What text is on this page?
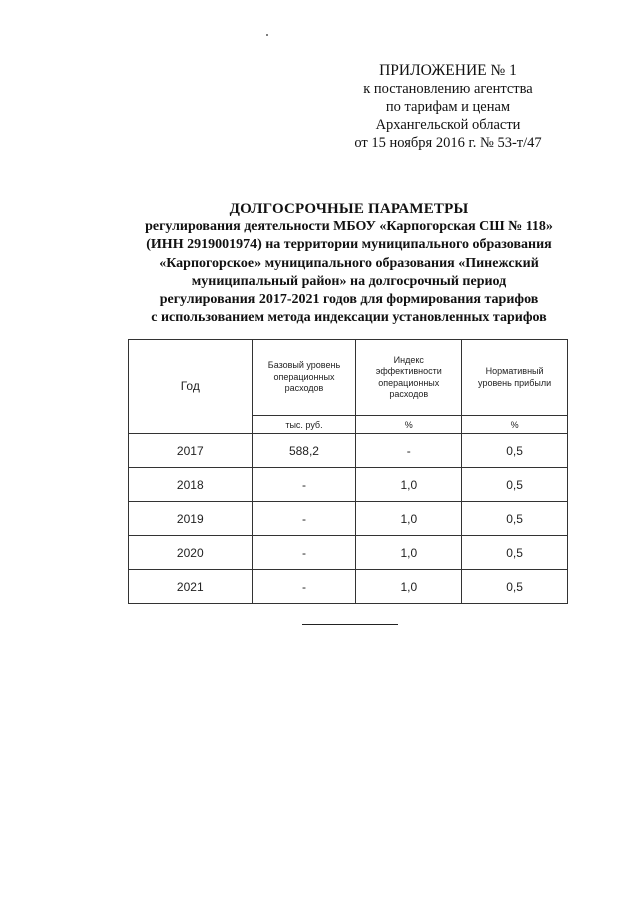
ПРИЛОЖЕНИЕ № 1
к постановлению агентства
по тарифам и ценам
Архангельской области
от 15 ноября 2016 г. № 53-т/47
ДОЛГОСРОЧНЫЕ ПАРАМЕТРЫ
регулирования деятельности МБОУ «Карпогорская СШ № 118»
(ИНН 2919001974) на территории муниципального образования
«Карпогорское» муниципального образования «Пинежский
муниципальный район» на долгосрочный период
регулирования 2017-2021 годов для формирования тарифов
с использованием метода индексации установленных тарифов
Год	Базовый уровень
операционных
расходов	Индекс
эффективности
операционных
расходов	Нормативный
уровень прибыли
	тыс. руб.	%	%
2017	588,2	-	0,5
2018	-	1,0	0,5
2019	-	1,0	0,5
2020	-	1,0	0,5
2021	-	1,0	0,5
